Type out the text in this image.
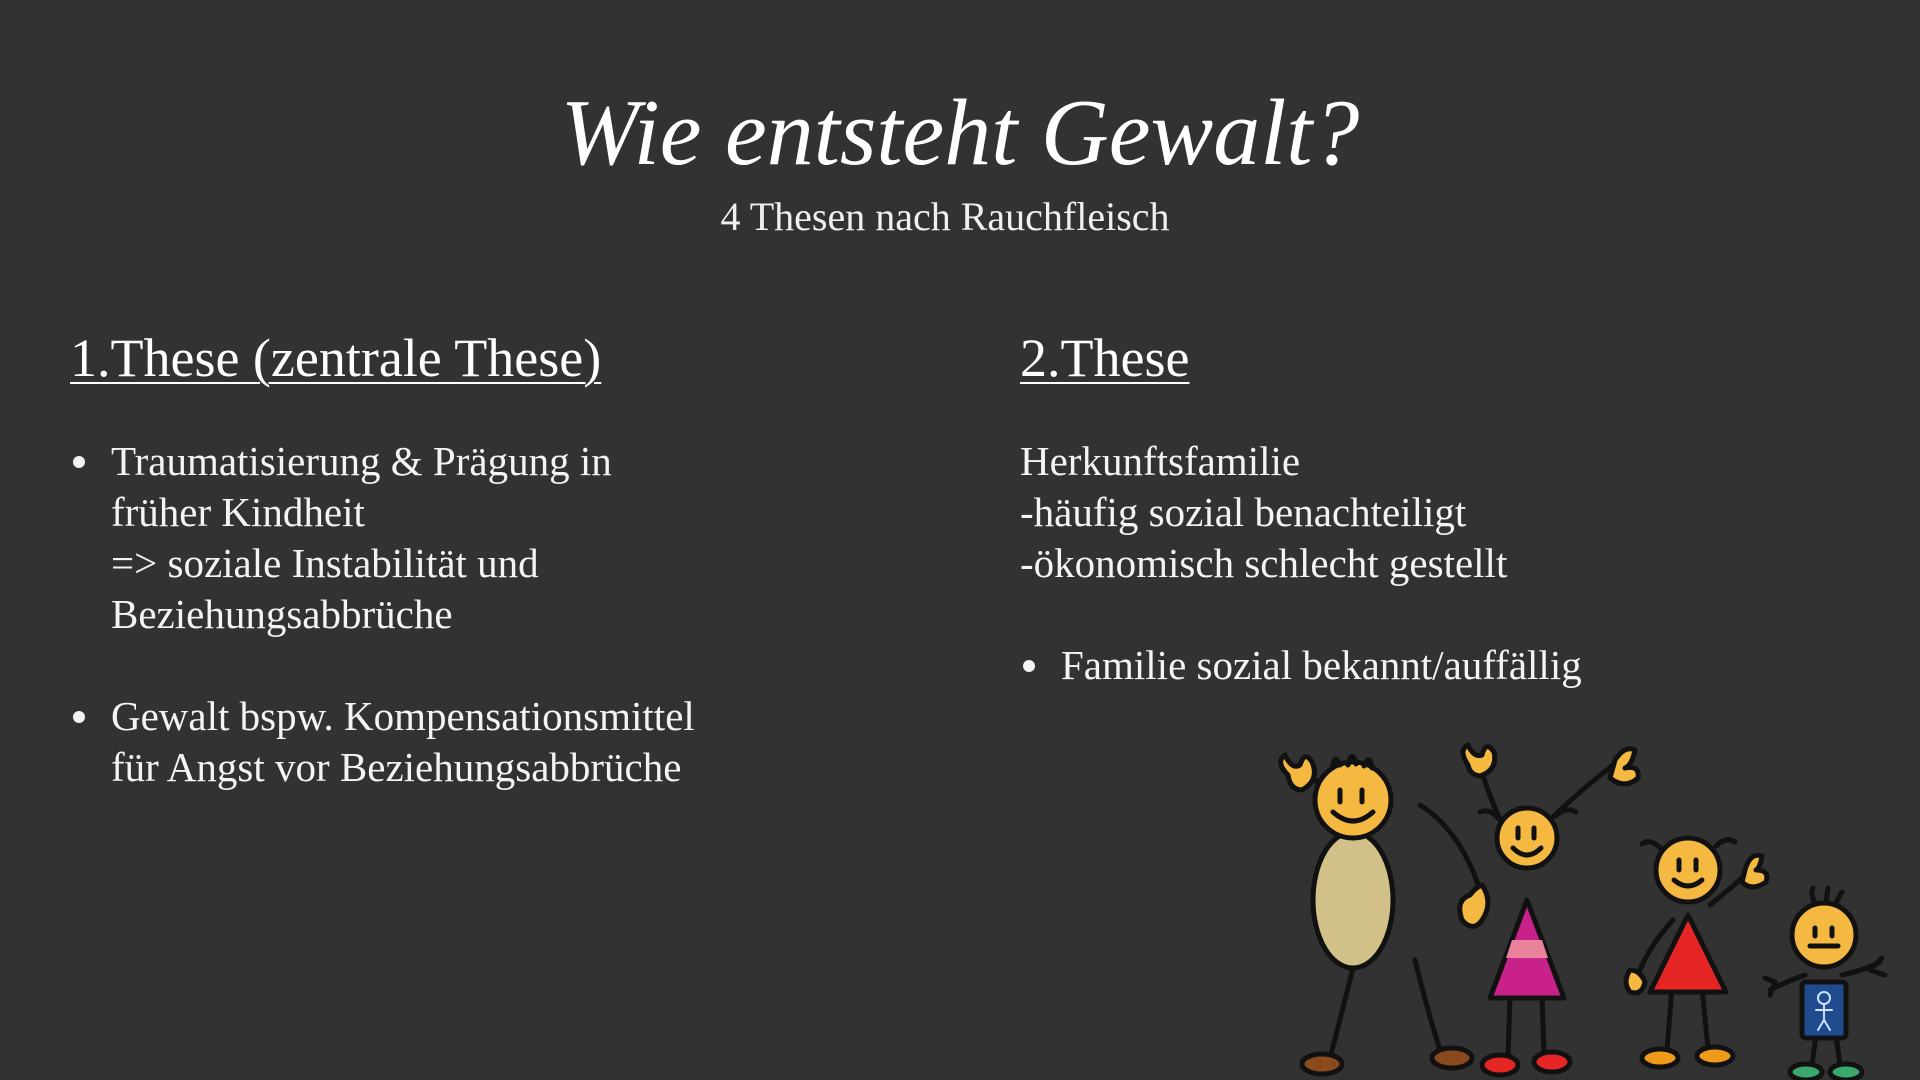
Wie entsteht Gewalt?
4 Thesen nach Rauchfleisch
1.These (zentrale These)
Traumatisierung & Prägung in
früher Kindheit
=> soziale Instabilität und
Beziehungsabbrüche
Gewalt bspw. Kompensationsmittel
für Angst vor Beziehungsabbrüche
2.These
Herkunftsfamilie
-häufig sozial benachteiligt
-ökonomisch schlecht gestellt
Familie sozial bekannt/auffällig
